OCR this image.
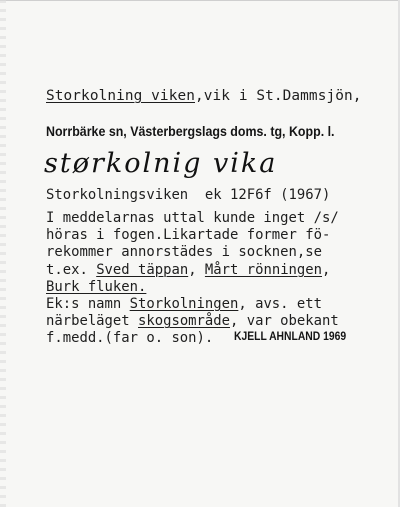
Storkolning viken,vik i St.Dammsjön,
Norrbärke sn, Västerbergslags doms. tg, Kopp. l.
størkolnig vika
Storkolningsviken  ek 12F6f (1967)
I meddelarnas uttal kunde inget /s/
höras i fogen.Likartade former fö-
rekommer annorstädes i socknen,se
t.ex. Sved täppan, Mårt rönningen,
Burk fluken.
Ek:s namn Storkolningen, avs. ett
närbeläget skogsområde, var obekant
f.medd.(far o. son).	KJELL AHNLAND 1969
